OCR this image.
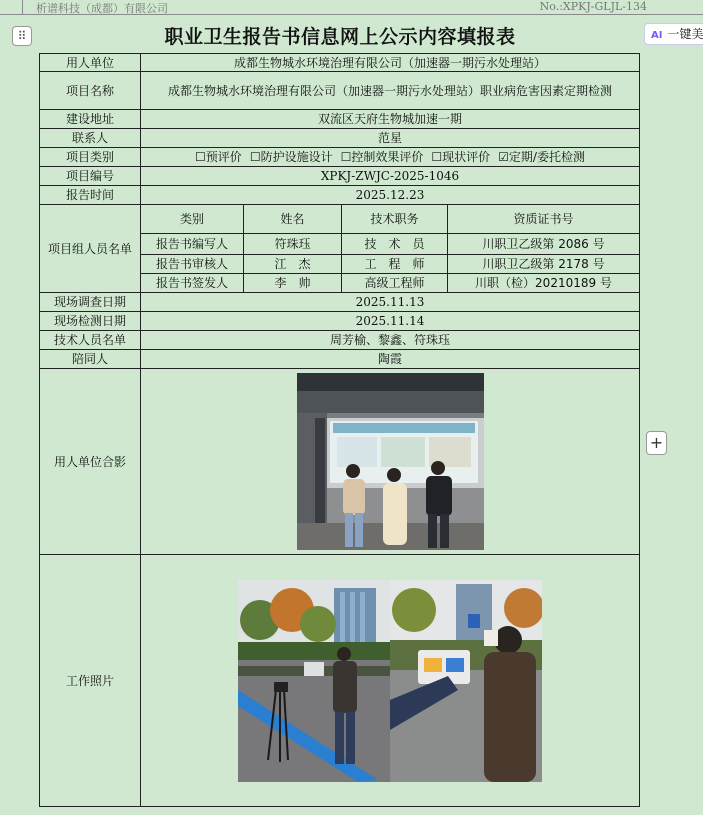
析谱科技（成都）有限公司	No.:XPKJ-GLJL-134
⠿	AI 一键美
+
职业卫生报告书信息网上公示内容填报表
用人单位	成都生物城水环境治理有限公司（加速器一期污水处理站）			
项目名称	成都生物城水环境治理有限公司（加速器一期污水处理站）职业病危害因素定期检测			
建设地址	双流区天府生物城加速一期			
联系人	范星			
项目类别	☐预评价 ☐防护设施设计 ☐控制效果评价 ☐现状评价 ☑定期/委托检测			
项目编号	XPKJ-ZWJC-2025-1046			
报告时间	2025.12.23			
项目组人员名单	类别	姓名	技术职务	资质证书号
	报告书编写人	符珠珏	技　术　员	川职卫乙级第 2086 号
	报告书审核人	江　杰	工　程　师	川职卫乙级第 2178 号
	报告书签发人	李　帅	高级工程师	川职（检）20210189 号
现场调查日期	2025.11.13			
现场检测日期	2025.11.14			
技术人员名单	周芳榆、黎鑫、符珠珏			
陪同人	陶霞			
用人单位合影	

工作照片	
